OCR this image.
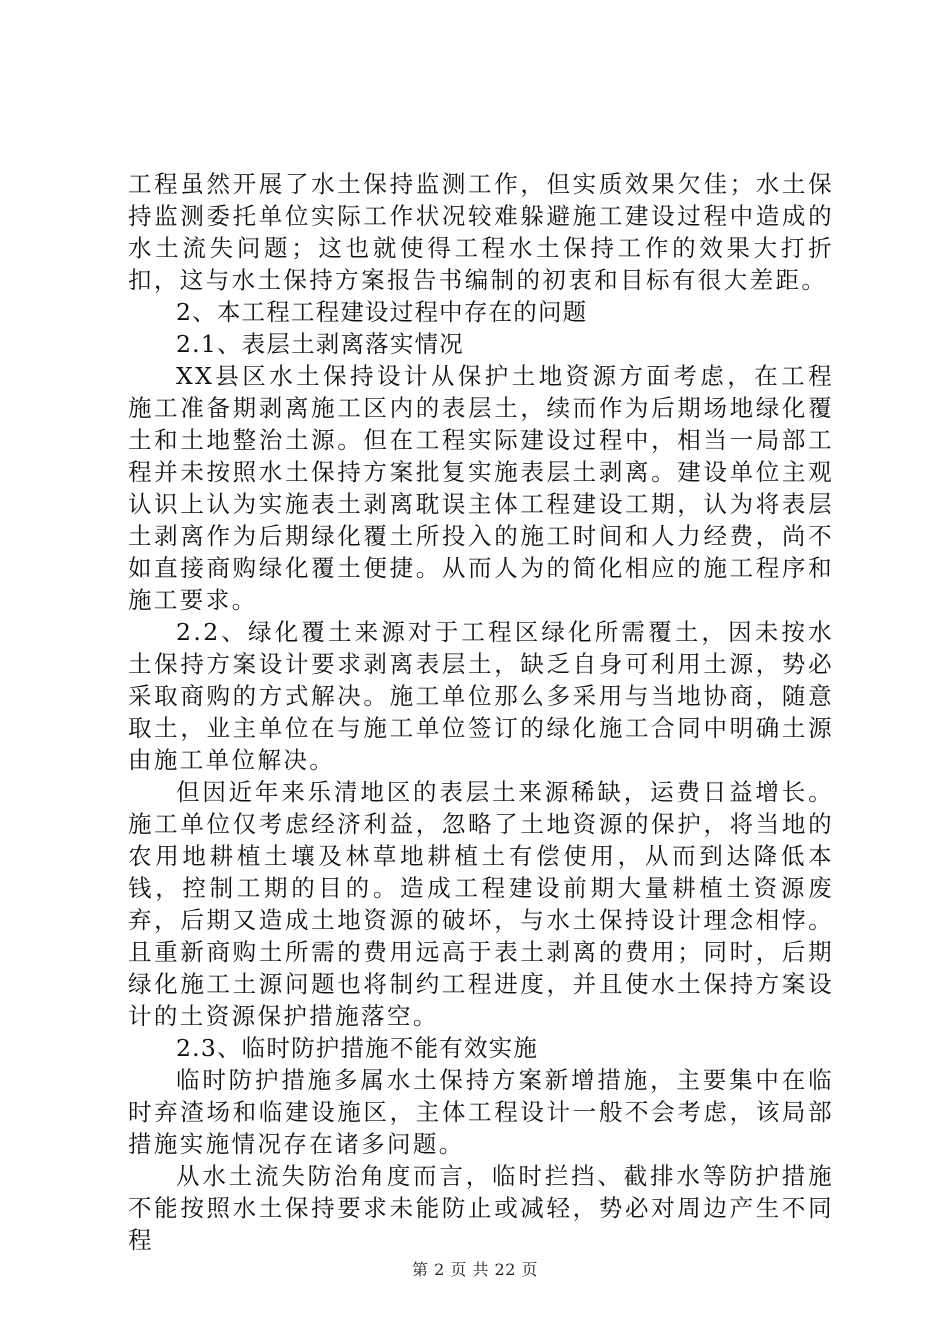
工程虽然开展了水土保持监测工作，但实质效果欠佳；水土保持监测委托单位实际工作状况较难躲避施工建设过程中造成的水土流失问题；这也就使得工程水土保持工作的效果大打折扣，这与水土保持方案报告书编制的初衷和目标有很大差距。

2、本工程工程建设过程中存在的问题

2.1、表层土剥离落实情况

XX县区水土保持设计从保护土地资源方面考虑，在工程施工准备期剥离施工区内的表层土，续而作为后期场地绿化覆土和土地整治土源。但在工程实际建设过程中，相当一局部工程并未按照水土保持方案批复实施表层土剥离。建设单位主观认识上认为实施表土剥离耽误主体工程建设工期，认为将表层土剥离作为后期绿化覆土所投入的施工时间和人力经费，尚不如直接商购绿化覆土便捷。从而人为的简化相应的施工程序和施工要求。

2.2、绿化覆土来源对于工程区绿化所需覆土，因未按水土保持方案设计要求剥离表层土，缺乏自身可利用土源，势必采取商购的方式解决。施工单位那么多采用与当地协商，随意取土，业主单位在与施工单位签订的绿化施工合同中明确土源由施工单位解决。

但因近年来乐清地区的表层土来源稀缺，运费日益增长。施工单位仅考虑经济利益，忽略了土地资源的保护，将当地的农用地耕植土壤及林草地耕植土有偿使用，从而到达降低本钱，控制工期的目的。造成工程建设前期大量耕植土资源废弃，后期又造成土地资源的破坏，与水土保持设计理念相悖。且重新商购土所需的费用远高于表土剥离的费用；同时，后期绿化施工土源问题也将制约工程进度，并且使水土保持方案设计的土资源保护措施落空。

2.3、临时防护措施不能有效实施

临时防护措施多属水土保持方案新增措施，主要集中在临时弃渣场和临建设施区，主体工程设计一般不会考虑，该局部措施实施情况存在诸多问题。

从水土流失防治角度而言，临时拦挡、截排水等防护措施不能按照水土保持要求未能防止或减轻，势必对周边产生不同程

第 2 页 共 22 页
